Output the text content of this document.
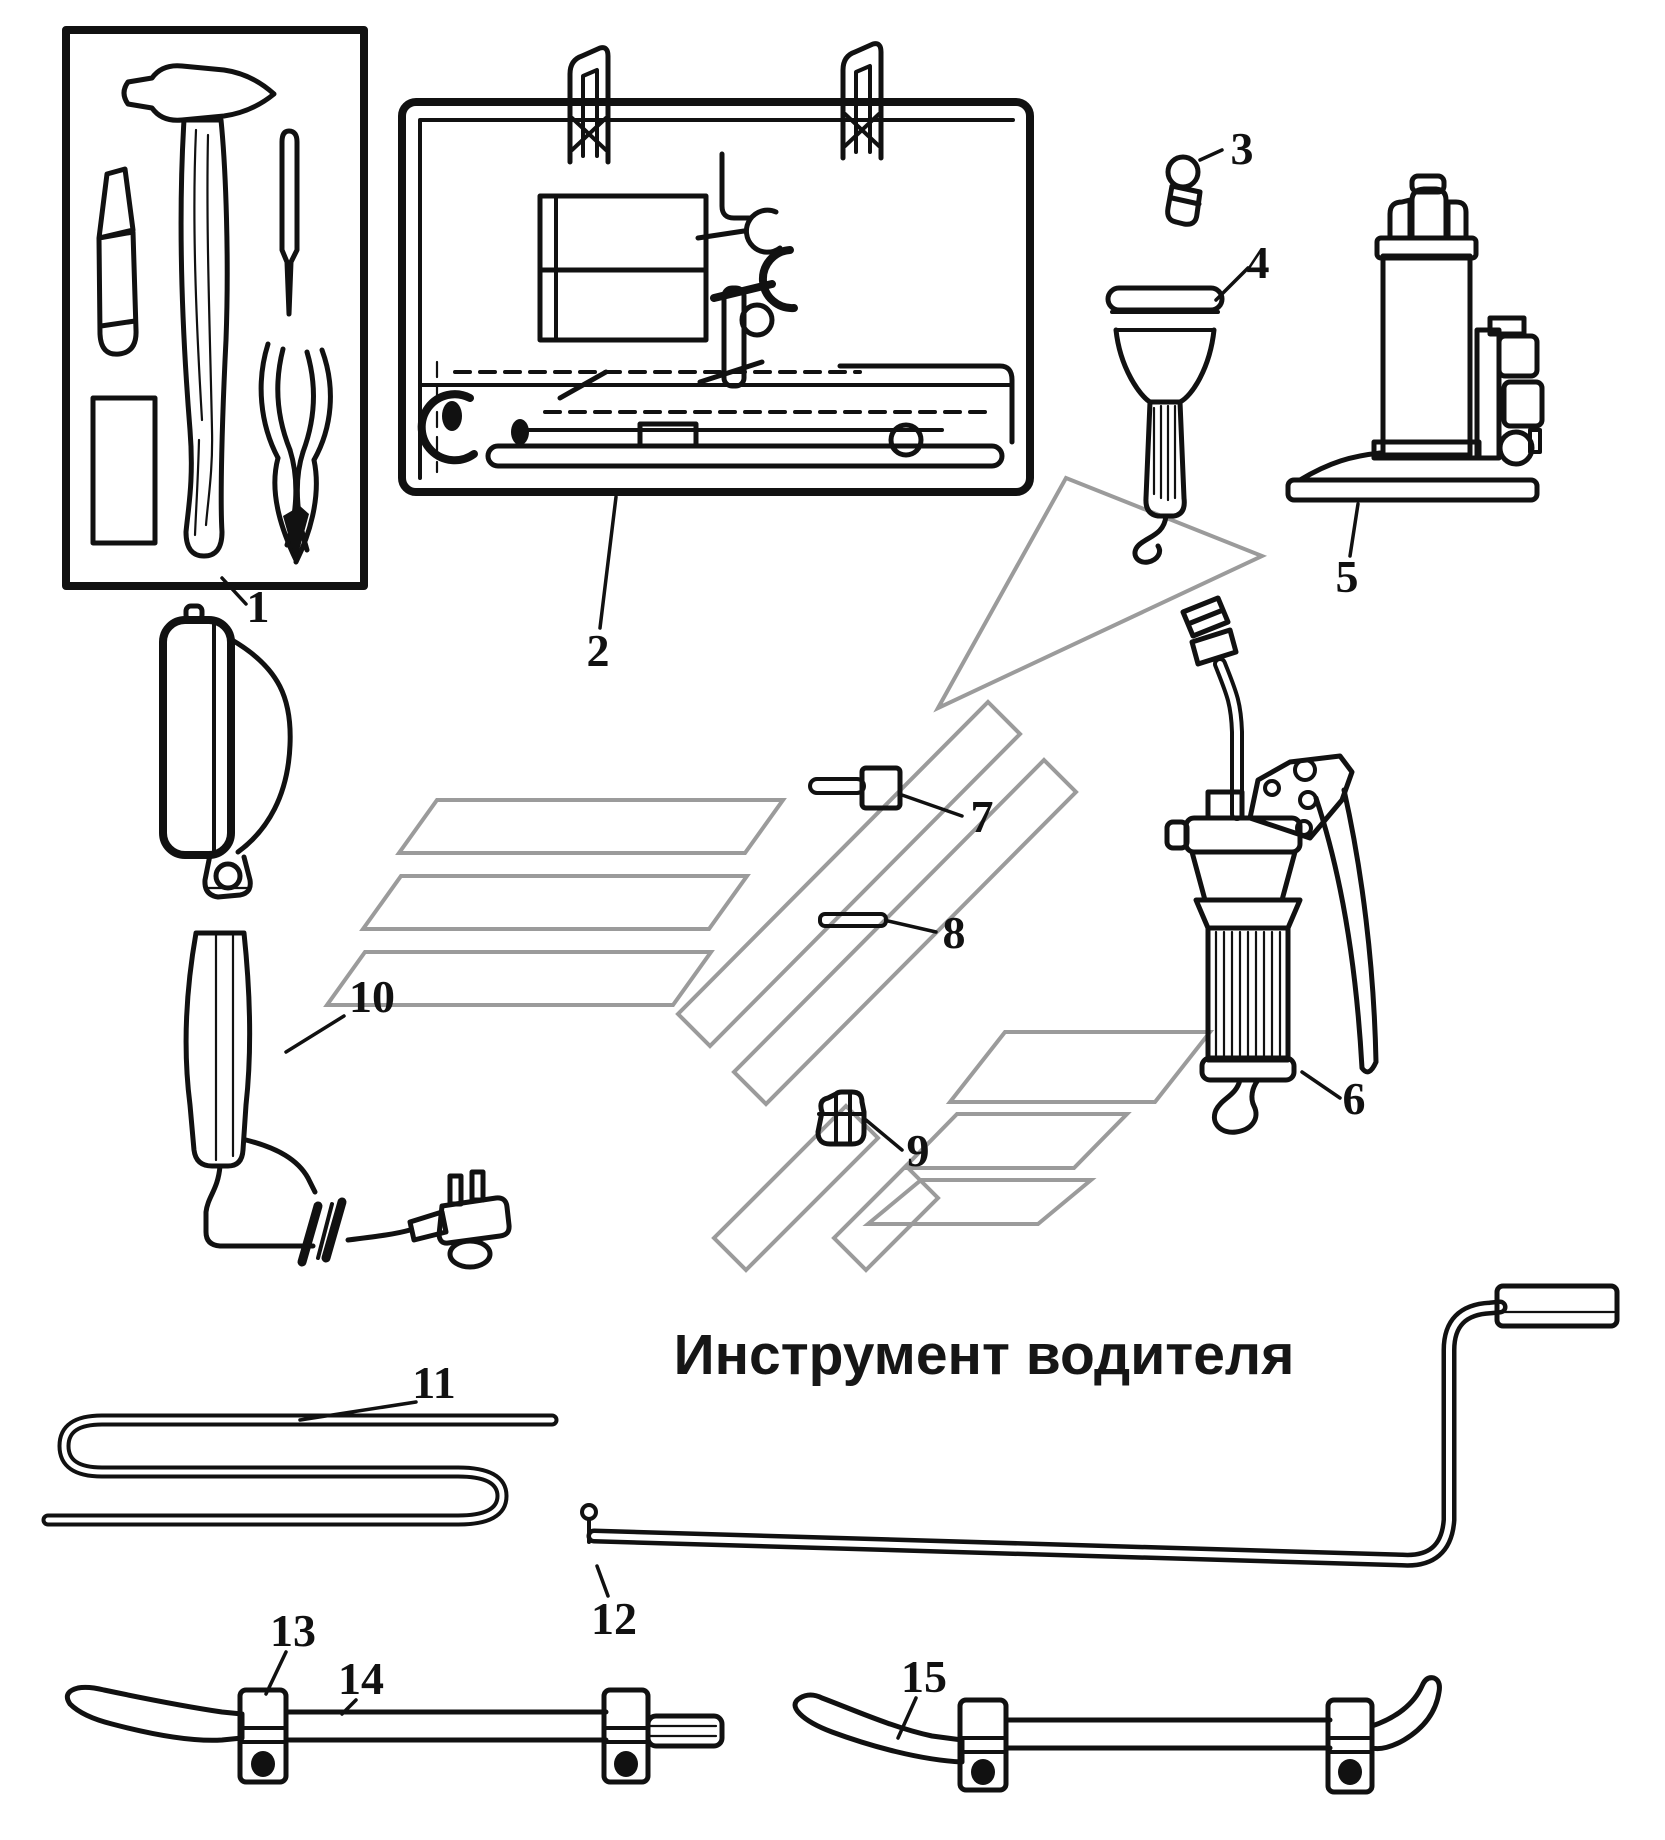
1
2
3
4
5
6
7
8
9
10
Инструмент водителя
11
12
13
14	15
